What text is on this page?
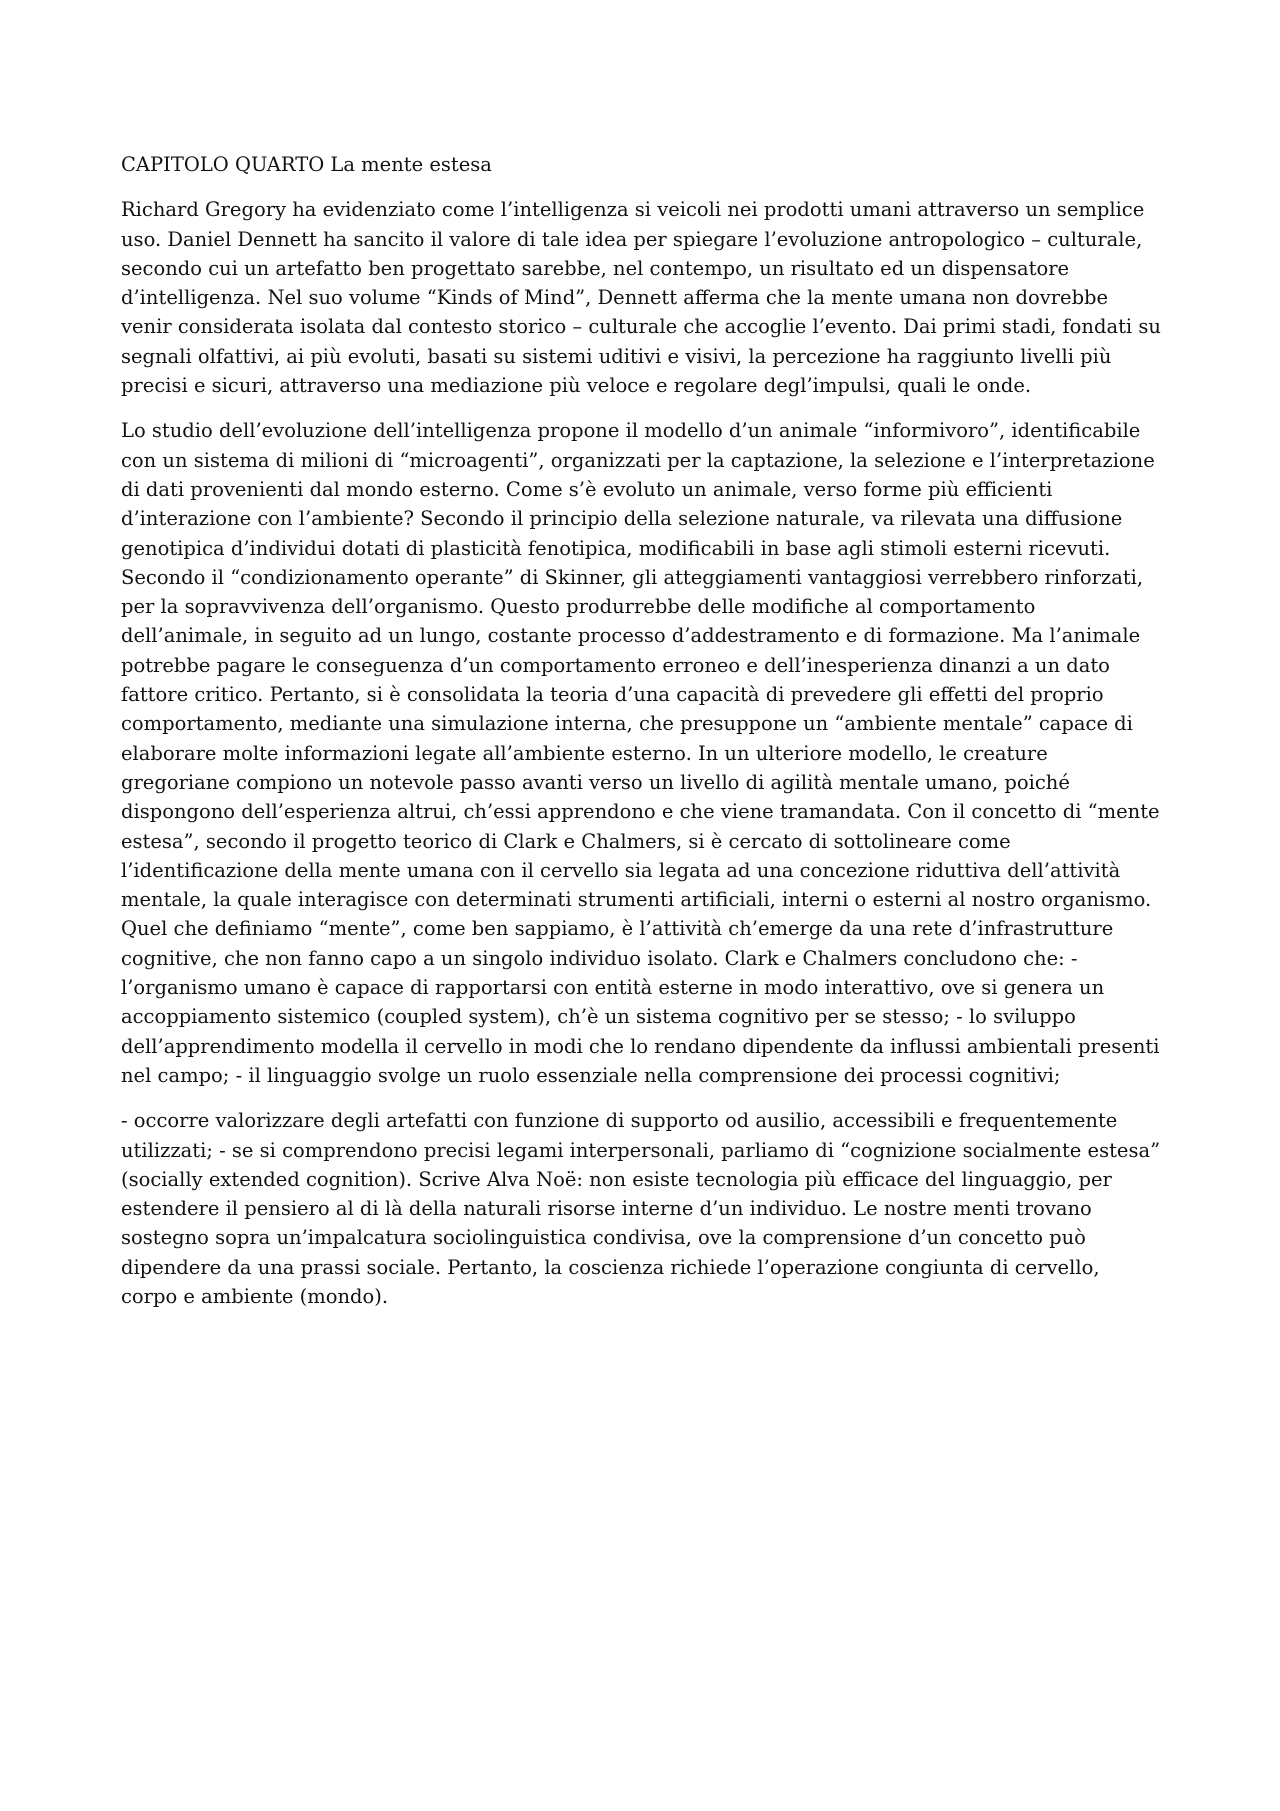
CAPITOLO QUARTO La mente estesa

Richard Gregory ha evidenziato come l’intelligenza si veicoli nei prodotti umani attraverso un semplice uso. Daniel Dennett ha sancito il valore di tale idea per spiegare l’evoluzione antropologico – culturale, secondo cui un artefatto ben progettato sarebbe, nel contempo, un risultato ed un dispensatore d’intelligenza. Nel suo volume “Kinds of Mind”, Dennett afferma che la mente umana non dovrebbe venir considerata isolata dal contesto storico – culturale che accoglie l’evento. Dai primi stadi, fondati su segnali olfattivi, ai più evoluti, basati su sistemi uditivi e visivi, la percezione ha raggiunto livelli più precisi e sicuri, attraverso una mediazione più veloce e regolare degl’impulsi, quali le onde.

Lo studio dell’evoluzione dell’intelligenza propone il modello d’un animale “informivoro”, identificabile con un sistema di milioni di “microagenti”, organizzati per la captazione, la selezione e l’interpretazione di dati provenienti dal mondo esterno. Come s’è evoluto un animale, verso forme più efficienti d’interazione con l’ambiente? Secondo il principio della selezione naturale, va rilevata una diffusione genotipica d’individui dotati di plasticità fenotipica, modificabili in base agli stimoli esterni ricevuti. Secondo il “condizionamento operante” di Skinner, gli atteggiamenti vantaggiosi verrebbero rinforzati, per la sopravvivenza dell’organismo. Questo produrrebbe delle modifiche al comportamento dell’animale, in seguito ad un lungo, costante processo d’addestramento e di formazione. Ma l’animale potrebbe pagare le conseguenza d’un comportamento erroneo e dell’inesperienza dinanzi a un dato fattore critico. Pertanto, si è consolidata la teoria d’una capacità di prevedere gli effetti del proprio comportamento, mediante una simulazione interna, che presuppone un “ambiente mentale” capace di elaborare molte informazioni legate all’ambiente esterno. In un ulteriore modello, le creature gregoriane compiono un notevole passo avanti verso un livello di agilità mentale umano, poiché dispongono dell’esperienza altrui, ch’essi apprendono e che viene tramandata. Con il concetto di “mente estesa”, secondo il progetto teorico di Clark e Chalmers, si è cercato di sottolineare come l’identificazione della mente umana con il cervello sia legata ad una concezione riduttiva dell’attività mentale, la quale interagisce con determinati strumenti artificiali, interni o esterni al nostro organismo. Quel che definiamo “mente”, come ben sappiamo, è l’attività ch’emerge da una rete d’infrastrutture cognitive, che non fanno capo a un singolo individuo isolato. Clark e Chalmers concludono che: - l’organismo umano è capace di rapportarsi con entità esterne in modo interattivo, ove si genera un accoppiamento sistemico (coupled system), ch’è un sistema cognitivo per se stesso; - lo sviluppo dell’apprendimento modella il cervello in modi che lo rendano dipendente da influssi ambientali presenti nel campo; - il linguaggio svolge un ruolo essenziale nella comprensione dei processi cognitivi;

- occorre valorizzare degli artefatti con funzione di supporto od ausilio, accessibili e frequentemente utilizzati; - se si comprendono precisi legami interpersonali, parliamo di “cognizione socialmente estesa” (socially extended cognition). Scrive Alva Noë: non esiste tecnologia più efficace del linguaggio, per estendere il pensiero al di là della naturali risorse interne d’un individuo. Le nostre menti trovano sostegno sopra un’impalcatura sociolinguistica condivisa, ove la comprensione d’un concetto può dipendere da una prassi sociale. Pertanto, la coscienza richiede l’operazione congiunta di cervello, corpo e ambiente (mondo).
